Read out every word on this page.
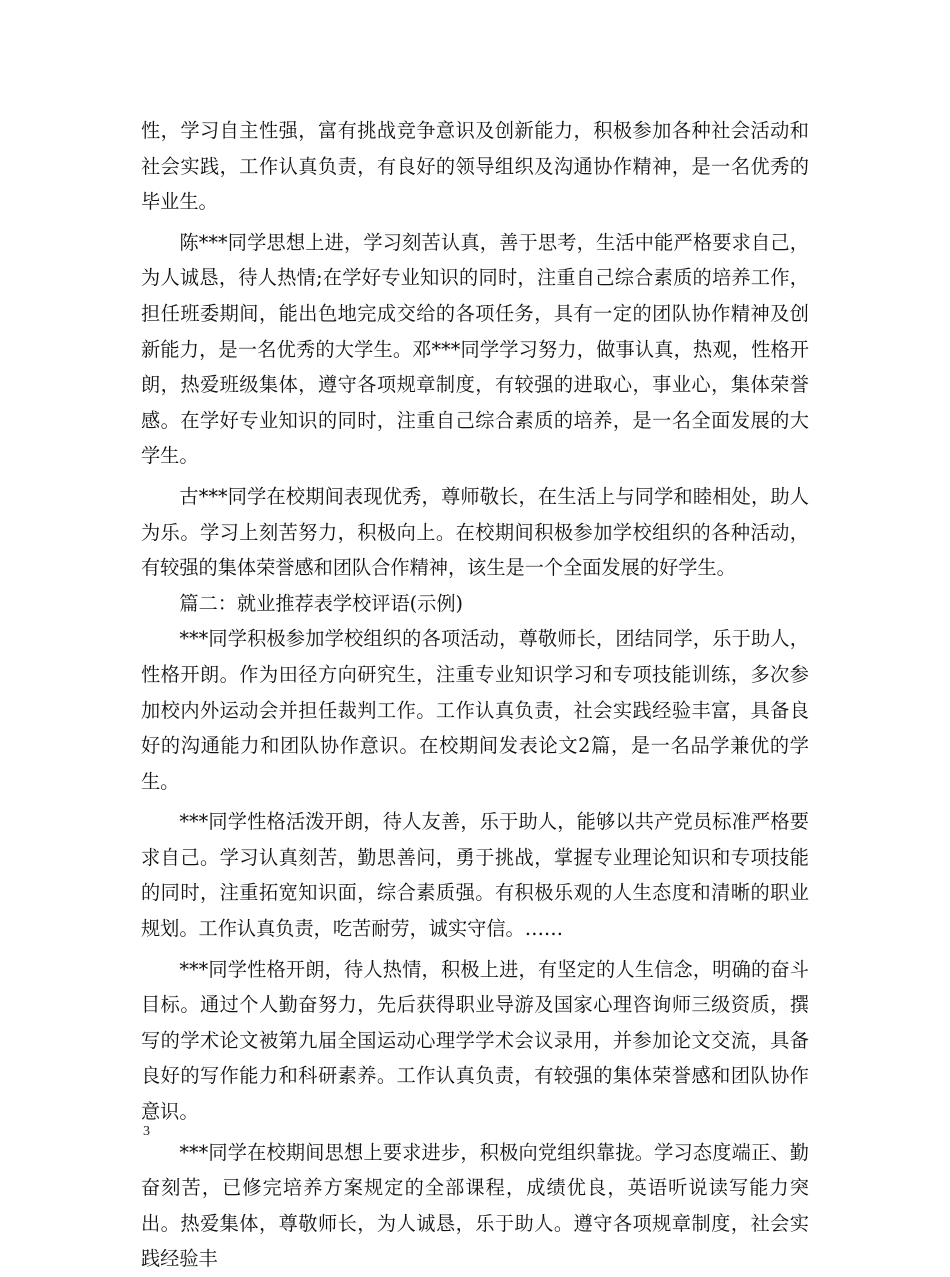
性，学习自主性强，富有挑战竞争意识及创新能力，积极参加各种社会活动和社会实践，工作认真负责，有良好的领导组织及沟通协作精神，是一名优秀的毕业生。

陈***同学思想上进，学习刻苦认真，善于思考，生活中能严格要求自己，为人诚恳，待人热情;在学好专业知识的同时，注重自己综合素质的培养工作，担任班委期间，能出色地完成交给的各项任务，具有一定的团队协作精神及创新能力，是一名优秀的大学生。邓***同学学习努力，做事认真，热观，性格开朗，热爱班级集体，遵守各项规章制度，有较强的进取心，事业心，集体荣誉感。在学好专业知识的同时，注重自己综合素质的培养，是一名全面发展的大学生。

古***同学在校期间表现优秀，尊师敬长，在生活上与同学和睦相处，助人为乐。学习上刻苦努力，积极向上。在校期间积极参加学校组织的各种活动，有较强的集体荣誉感和团队合作精神，该生是一个全面发展的好学生。

篇二：就业推荐表学校评语(示例)

***同学积极参加学校组织的各项活动，尊敬师长，团结同学，乐于助人，性格开朗。作为田径方向研究生，注重专业知识学习和专项技能训练，多次参加校内外运动会并担任裁判工作。工作认真负责，社会实践经验丰富，具备良好的沟通能力和团队协作意识。在校期间发表论文2篇，是一名品学兼优的学生。

***同学性格活泼开朗，待人友善，乐于助人，能够以共产党员标准严格要求自己。学习认真刻苦，勤思善问，勇于挑战，掌握专业理论知识和专项技能的同时，注重拓宽知识面，综合素质强。有积极乐观的人生态度和清晰的职业规划。工作认真负责，吃苦耐劳，诚实守信。……

***同学性格开朗，待人热情，积极上进，有坚定的人生信念，明确的奋斗目标。通过个人勤奋努力，先后获得职业导游及国家心理咨询师三级资质，撰写的学术论文被第九届全国运动心理学学术会议录用，并参加论文交流，具备良好的写作能力和科研素养。工作认真负责，有较强的集体荣誉感和团队协作意识。

***同学在校期间思想上要求进步，积极向党组织靠拢。学习态度端正、勤奋刻苦，已修完培养方案规定的全部课程，成绩优良，英语听说读写能力突出。热爱集体，尊敬师长，为人诚恳，乐于助人。遵守各项规章制度，社会实践经验丰

3
